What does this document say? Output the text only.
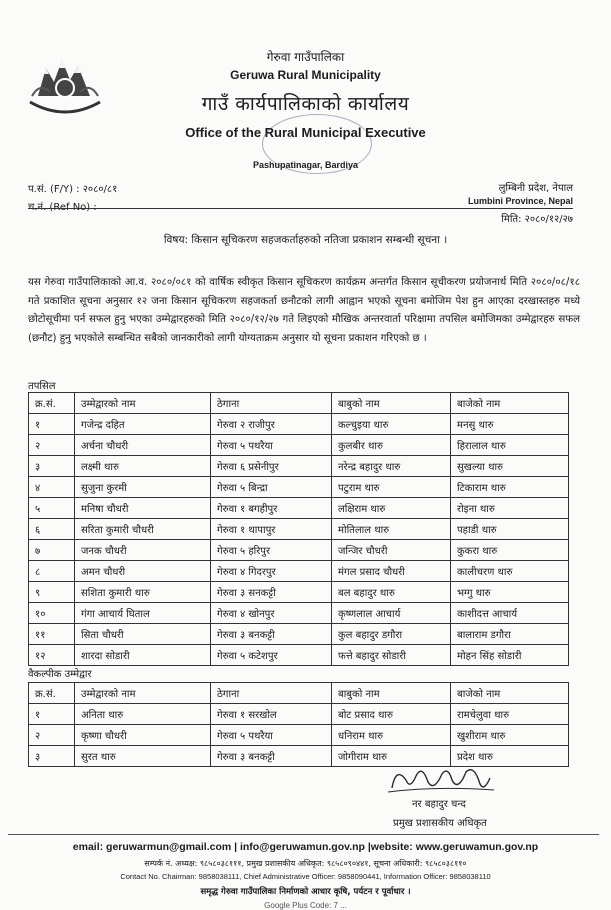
गेरुवा गाउँपालिका
Geruwa Rural Municipality
गाउँ कार्यपालिकाको कार्यालय
Office of the Rural Municipal Executive
Pashupatinagar, Bardiya
प.सं. (F/Y) : २०८०/८१
च.नं. (Ref No) :
लुम्बिनी प्रदेश, नेपाल
Lumbini Province, Nepal
मिति: २०८०/१२/२७
विषय: किसान सूचिकरण सहजकर्ताहरुको नतिजा प्रकाशन सम्बन्धी सूचना ।
यस गेरुवा गाउँपालिकाको आ.व. २०८०/०८१ को वार्षिक स्वीकृत किसान सूचिकरण कार्यक्रम अन्तर्गत किसान सूचीकरण प्रयोजनार्थ मिति २०८०/०८/१८ गते प्रकाशित सूचना अनुसार १२ जना किसान सूचिकरण सहजकर्ता छनौटको लागी आह्वान भएको सूचना बमोजिम पेश हुन आएका दरखास्तहरु मध्ये छोटोसूचीमा पर्न सफल हुनु भएका उम्मेद्वारहरुको मिति २०८०/१२/२७ गते लिइएको मौखिक अन्तरवार्ता परिक्षामा तपसिल बमोजिमका उम्मेद्वारहरु सफल (छनौट) हुनु भएकोले सम्बन्धित सबैको जानकारीको लागी योग्यताक्रम अनुसार यो सूचना प्रकाशन गरिएको छ ।
तपसिल
क्र.सं.	उम्मेद्वारको नाम	ठेगाना	बाबुको नाम	बाजेको नाम
१	गजेन्द्र दहित	गेरुवा २ राजीपुर	कल्चुइया थारु	मनसु थारु
२	अर्चना चौधरी	गेरुवा ५ पथरैया	कुलबीर थारु	हिरालाल थारु
३	लक्ष्मी थारु	गेरुवा ६ प्रसेनीपुर	नरेन्द्र बहादुर थारु	सुखल्या थारु
४	सुजुना कुरमी	गेरुवा ५ बिन्द्रा	पटुराम थारु	टिकाराम थारु
५	मनिषा चौधरी	गेरुवा १ बगहीपुर	लक्षिराम थारु	रोइना थारु
६	सरिता कुमारी चौधरी	गेरुवा १ थापापुर	मोतिलाल थारु	पहाडी थारु
७	जनक चौधरी	गेरुवा ५ हरिपुर	जन्जिर चौधरी	कुकरा थारु
८	अमन चौधरी	गेरुवा ४ गिदरपुर	मंगल प्रसाद चौधरी	कालीचरण थारु
९	सशिता कुमारी थारु	गेरुवा ३ सनकट्टी	बल बहादुर थारु	भग्गु थारु
१०	गंगा आचार्य घिताल	गेरुवा ४ खोनपुर	कृष्णलाल आचार्य	काशीदत्त आचार्य
११	सिता चौधरी	गेरुवा ३ बनकट्टी	कुल बहादुर डगौरा	बालाराम डगौरा
१२	शारदा सोडारी	गेरुवा ५ कटेशपुर	फत्ते बहादुर सोडारी	मोहन सिंह सोडारी
वैकल्पीक उम्मेद्वार
क्र.सं.	उम्मेद्वारको नाम	ठेगाना	बाबुको नाम	बाजेको नाम
१	अनिता थारु	गेरुवा १ सरखोल	बोट प्रसाद थारु	रामचेलुवा थारु
२	कृष्णा चौधरी	गेरुवा ५ पथरैया	धनिराम थारु	खुशीराम थारु
३	सुरत थारु	गेरुवा ३ बनकट्टी	जोगीराम थारु	प्रदेश थारु
नर बहादुर चन्द
प्रमुख प्रशासकीय अधिकृत
email: geruwarmun@gmail.com | info@geruwamun.gov.np |website: www.geruwamun.gov.np
सम्पर्क नं. अध्यक्ष: ९८५८०३८१११, प्रमुख प्रशासकीय अधिकृत: ९८५८०९०४४१, सूचना अधिकारी: ९८५८०३८११०
Contact No. Chairman: 9858038111, Chief Administrative Officer: 9858090441, Information Officer: 9858038110
समृद्ध गेरुवा गाउँपालिका निर्माणको आधार कृषि, पर्यटन र पूर्वाधार ।
Google Plus Code: 7 ...
